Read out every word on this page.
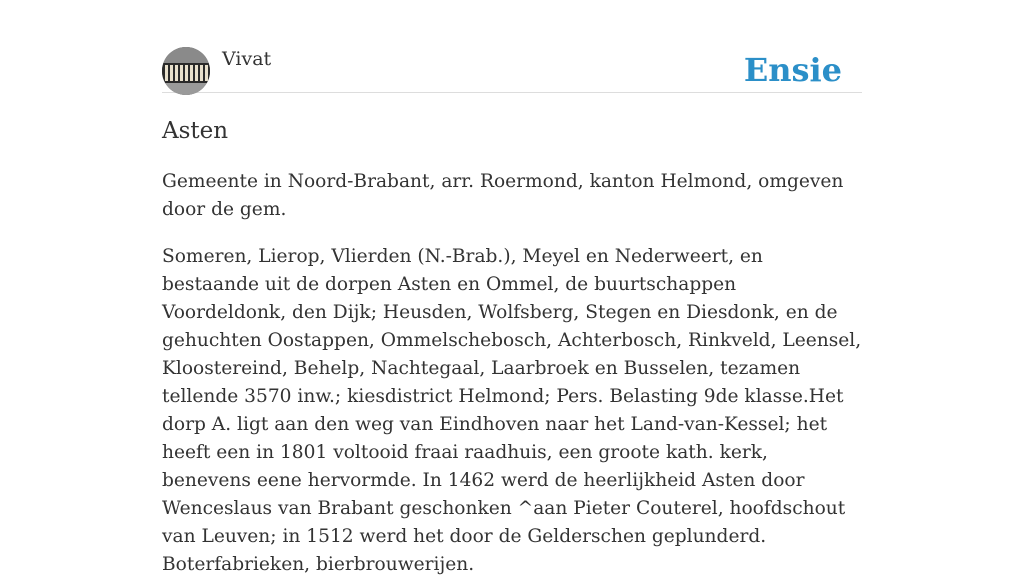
Vivat	Ensie
Asten

Gemeente in Noord-Brabant, arr. Roermond, kanton Helmond, omgeven door de gem.

Someren, Lierop, Vlierden (N.-Brab.), Meyel en Nederweert, en bestaande uit de dorpen Asten en Ommel, de buurtschappen Voordeldonk, den Dijk; Heusden, Wolfsberg, Stegen en Diesdonk, en de gehuchten Oostappen, Ommelschebosch, Achterbosch, Rinkveld, Leensel, Kloostereind, Behelp, Nachtegaal, Laarbroek en Busselen, tezamen tellende 3570 inw.; kiesdistrict Helmond; Pers. Belasting 9de klasse.Het dorp A. ligt aan den weg van Eindhoven naar het Land-van-Kessel; het heeft een in 1801 voltooid fraai raadhuis, een groote kath. kerk, benevens eene hervormde. In 1462 werd de heerlijkheid Asten door Wenceslaus van Brabant geschonken ^aan Pieter Couterel, hoofdschout van Leuven; in 1512 werd het door de Gelderschen geplunderd. Boterfabrieken, bierbrouwerijen.
